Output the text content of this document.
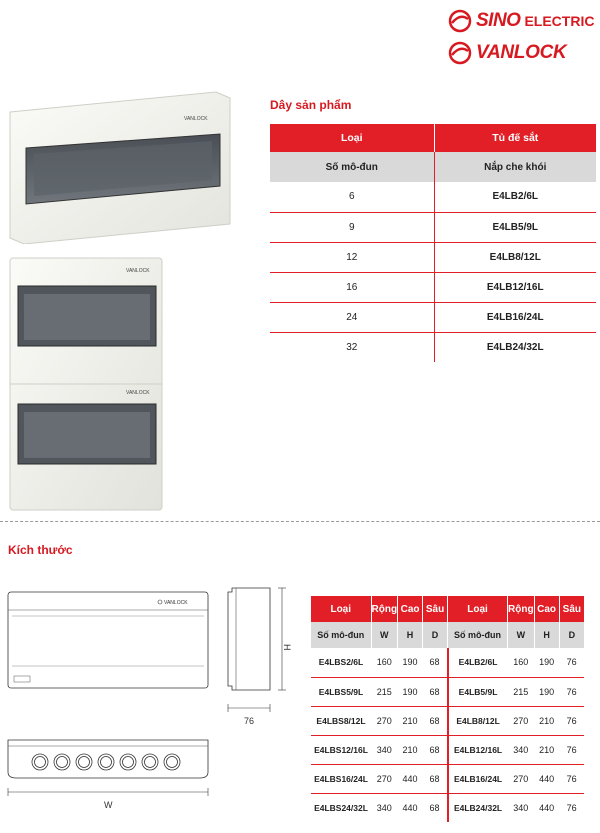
SINO ELECTRIC
VANLOCK
VANLOCK
VANLOCK
VANLOCK
Dây sản phẩm
Loại	Tủ đế sắt
Số mô-đun	Nắp che khói
6	E4LB2/6L
9	E4LB5/9L
12	E4LB8/12L
16	E4LB12/16L
24	E4LB16/24L
32	E4LB24/32L
Kích thước
VANLOCK
H
76
W
Loại	Rộng	Cao	Sâu	Loại	Rộng	Cao	Sâu
Số mô-đun	W	H	D	Số mô-đun	W	H	D
E4LBS2/6L	160	190	68	E4LB2/6L	160	190	76
E4LBS5/9L	215	190	68	E4LB5/9L	215	190	76
E4LBS8/12L	270	210	68	E4LB8/12L	270	210	76
E4LBS12/16L	340	210	68	E4LB12/16L	340	210	76
E4LBS16/24L	270	440	68	E4LB16/24L	270	440	76
E4LBS24/32L	340	440	68	E4LB24/32L	340	440	76
